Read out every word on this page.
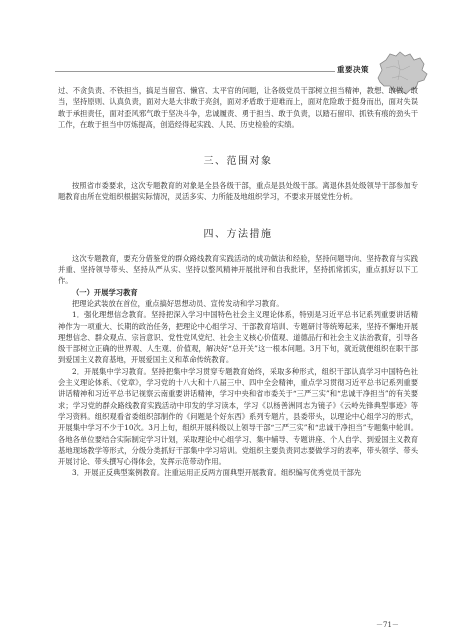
重要决策

过、不贪负责、不铁担当，搞足当留官、懒官、太平官的问题，让各级党员干部树立担当精神，教想、敢做、敢当，坚持原则、认真负责，面对大是大非敢于亮剑，面对矛盾敢于迎难而上，面对危险敢于挺身而出，面对失误敢于承担责任，面对歪风邪气敢于坚决斗争，忠诚履责、勇于担当、敢于负责，以踏石留印、抓铁有痕的劲头干工作，在敢于担当中厉炼提高，创造经得起实践、人民、历史检验的实绩。

三、范围对象

按照省市委要求，这次专题教育的对象是全县各级干部，重点是县处级干部。离退休县处级领导干部参加专题教育由所在党组织根据实际情况，灵活多实、力所能及地组织学习，不要求开展党性分析。

四、方法措施

这次专题教育，要充分借鉴党的群众路线教育实践活动的成功做法和经验，坚持问题导向、坚持教育与实践并重、坚持领导带头、坚持从严从实、坚持以整风精神开展批评和自我批评，坚持抓常抓实，重点抓好以下工作。

（一）开展学习教育

把理论武装放在首位，重点搞好思想动员、宣传发动和学习教育。

1．强化理想信念教育。坚持把深入学习中国特色社会主义理论体系，特别是习近平总书记系列重要讲话精神作为一项重大、长期的政治任务，把理论中心组学习、干部教育培训、专题研讨等统筹起来，坚持不懈地开展理想信念、群众观点、宗旨意识、党性党风党纪、社会主义核心价值观、道德品行和社会主义法治教育，引导各级干部树立正确的世界观、人生观、价值观，解决好“总开关”这一根本问题。3月下旬，就近就便组织在职干部到爱国主义教育基地，开展爱国主义和革命传统教育。

2．开展集中学习教育。坚持把集中学习贯穿专题教育始终，采取多种形式，组织干部认真学习中国特色社会主义理论体系、《党章》，学习党的十八大和十八届三中、四中全会精神，重点学习贯彻习近平总书记系列重要讲话精神和习近平总书记视察云南重要讲话精神，学习中央和省市委关于“三严三实”和“忠诚干净担当”的有关要求；学习党的群众路线教育实践活动中印发的学习读本，学习《以杨善洲同志为镜子》《云岭先锋典型事迹》等学习资料。组织观看省委组织部制作的《问题是个好东西》系列专题片，县委带头，以理论中心组学习的形式，开展集中学习不少于10次。3月上旬，组织开展科级以上领导干部“三严三实”和“忠诚干净担当”专题集中轮训。各地各单位要结合实际制定学习计划，采取理论中心组学习、集中辅导、专题讲座、个人自学、到爱国主义教育基地现场教学等形式，分级分类抓好干部集中学习培训。党组织主要负责同志要做学习的表率，带头领学、带头开展讨论、带头撰写心得体会，发挥示范带动作用。

3．开展正反典型案例教育。注重运用正反两方面典型开展教育。组织编写优秀党员干部先

－71－
